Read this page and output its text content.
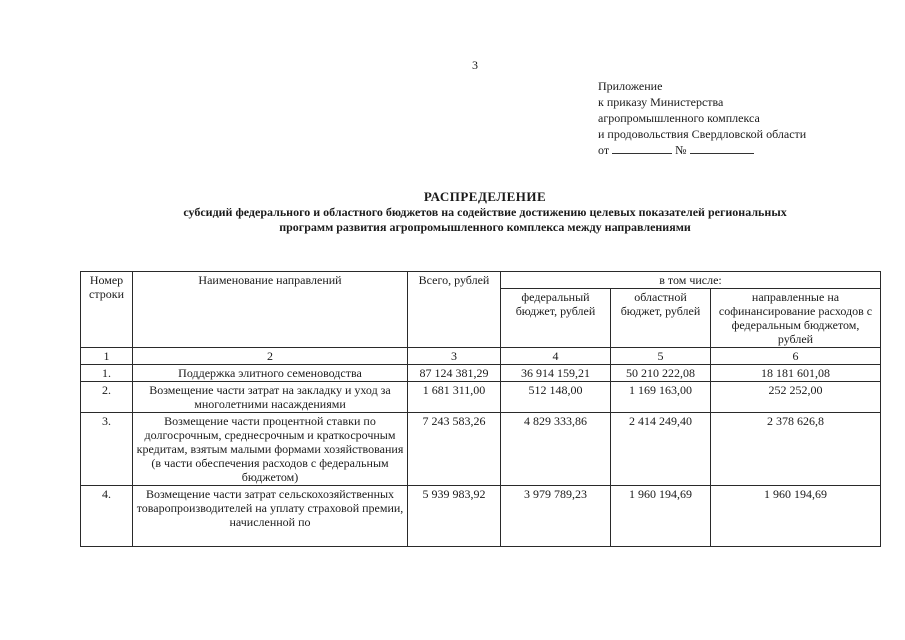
3
Приложение
к приказу Министерства
агропромышленного комплекса
и продовольствия Свердловской области
от	№
РАСПРЕДЕЛЕНИЕ
субсидий федерального и областного бюджетов на содействие достижению целевых показателей региональных
программ развития агропромышленного комплекса между направлениями
Номер строки	Наименование направлений	Всего, рублей	в том числе:		
			федеральный бюджет, рублей	областной бюджет, рублей	направленные на софинансирование расходов с федеральным бюджетом, рублей
1	2	3	4	5	6
1.	Поддержка элитного семеноводства	87 124 381,29	36 914 159,21	50 210 222,08	18 181 601,08
2.	Возмещение части затрат на закладку и уход за многолетними насаждениями	1 681 311,00	512 148,00	1 169 163,00	252 252,00
3.	Возмещение части процентной ставки по долгосрочным, среднесрочным и краткосрочным кредитам, взятым малыми формами хозяйствования (в части обеспечения расходов с федеральным бюджетом)	7 243 583,26	4 829 333,86	2 414 249,40	2 378 626,8
4.	Возмещение части затрат сельскохозяйственных товаропроизводителей на уплату страховой премии, начисленной по	5 939 983,92	3 979 789,23	1 960 194,69	1 960 194,69
